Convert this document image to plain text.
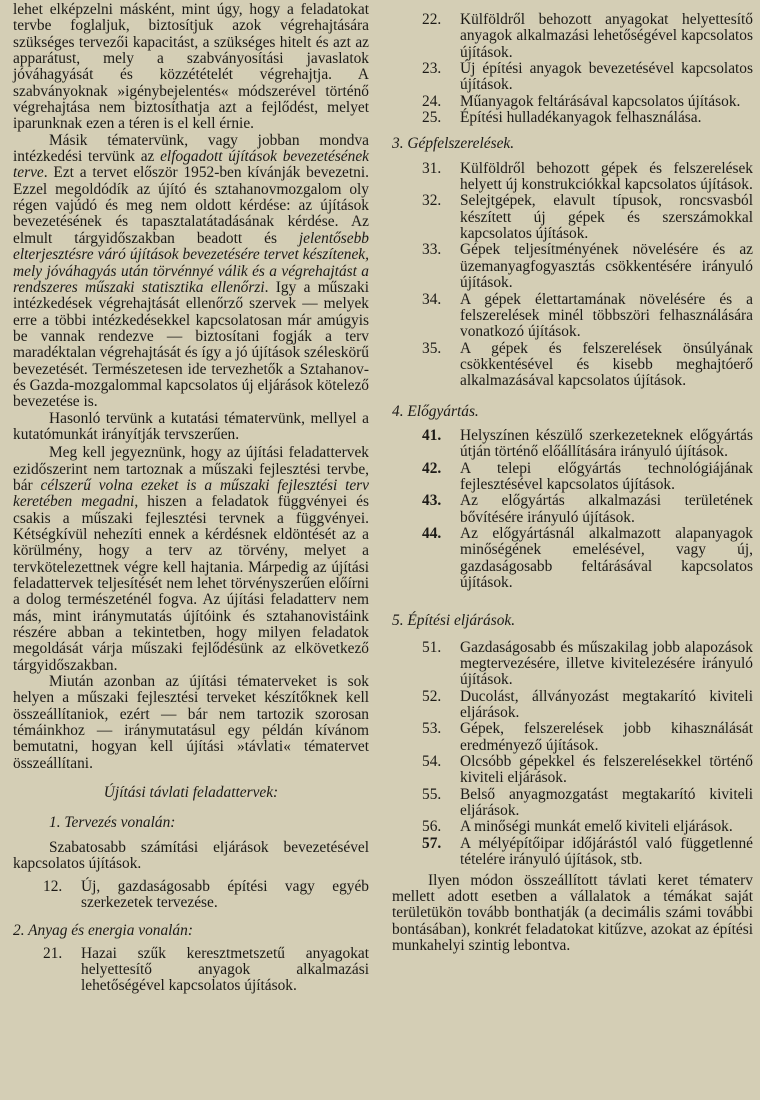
lehet elképzelni másként, mint úgy, hogy a feladatokat tervbe foglaljuk, biztosítjuk azok végrehajtására szükséges tervezői kapacitást, a szükséges hitelt és azt az apparátust, mely a szabványosítási javaslatok jóváhagyását és közzétételét végrehajtja. A szabványoknak »igénybejelentés« módszerével történő végrehajtása nem biztosíthatja azt a fejlődést, melyet iparunknak ezen a téren is el kell érnie.

Másik tématervünk, vagy jobban mondva intézkedési tervünk az elfogadott újítások bevezetésének terve. Ezt a tervet először 1952-ben kívánják bevezetni. Ezzel megoldódík az újító és sztahanovmozgalom oly régen vajúdó és meg nem oldott kérdése: az újítások bevezetésének és tapasztalatátadásának kérdése. Az elmult tárgyidőszakban beadott és jelentősebb elterjesztésre váró újítások bevezetésére tervet készítenek, mely jóváhagyás után törvénnyé válik és a végrehajtást a rendszeres műszaki statisztika ellenőrzi. Igy a műszaki intézkedések végrehajtását ellenőrző szervek — melyek erre a többi intézkedésekkel kapcsolatosan már amúgyis be vannak rendezve — biztosítani fogják a terv maradéktalan végrehajtását és így a jó újítások széleskörű bevezetését. Természetesen ide tervezhetők a Sztahanov- és Gazda-mozgalommal kapcsolatos új eljárások kötelező bevezetése is.

Hasonló tervünk a kutatási tématervünk, mellyel a kutatómunkát irányítják tervszerűen.

Meg kell jegyeznünk, hogy az újítási feladattervek ezidőszerint nem tartoznak a műszaki fejlesztési tervbe, bár célszerű volna ezeket is a műszaki fejlesztési terv keretében megadni, hiszen a feladatok függvényei és csakis a műszaki fejlesztési tervnek a függvényei. Kétségkívül nehezíti ennek a kérdésnek eldöntését az a körülmény, hogy a terv az törvény, melyet a tervkötelezettnek végre kell hajtania. Márpedig az újítási feladattervek teljesítését nem lehet törvényszerűen előírni a dolog természeténél fogva. Az újítási feladatterv nem más, mint iránymutatás újítóink és sztahanovistáink részére abban a tekintetben, hogy milyen feladatok megoldását várja műszaki fejlődésünk az elkövetkező tárgyidőszakban.

Miután azonban az újítási tématerveket is sok helyen a műszaki fejlesztési terveket készítőknek kell összeállítaniok, ezért — bár nem tartozik szorosan témáinkhoz — iránymutatásul egy példán kívánom bemutatni, hogyan kell újítási »távlati« tématervet összeállítani.

Újítási távlati feladattervek:

1. Tervezés vonalán:

Szabatosabb számítási eljárások bevezetésével kapcsolatos újítások.

12.	Új, gazdaságosabb építési vagy egyéb szerkezetek tervezése.

2. Anyag és energia vonalán:

21.	Hazai szűk keresztmetszetű anyagokat helyettesítő anyagok alkalmazási lehetőségével kapcsolatos újítások.
22.	Külföldről behozott anyagokat helyettesítő anyagok alkalmazási lehetőségével kapcsolatos újítások.
23.	Új építési anyagok bevezetésével kapcsolatos újítások.
24.	Műanyagok feltárásával kapcsolatos újítások.
25.	Építési hulladékanyagok felhasználása.

3. Gépfelszerelések.

31.	Külföldről behozott gépek és felszerelések helyett új konstrukciókkal kapcsolatos újítások.
32.	Selejtgépek, elavult típusok, roncsvasból készített új gépek és szerszámokkal kapcsolatos újítások.
33.	Gépek teljesítményének növelésére és az üzemanyagfogyasztás csökkentésére irányuló újítások.
34.	A gépek élettartamának növelésére és a felszerelések minél többszöri felhasználására vonatkozó újítások.
35.	A gépek és felszerelések önsúlyának csökkentésével és kisebb meghajtóerő alkalmazásával kapcsolatos újítások.

4. Előgyártás.

41.	Helyszínen készülő szerkezeteknek előgyártás útján történő előállítására irányuló újítások.
42.	A telepi előgyártás technológiájának fejlesztésével kapcsolatos újítások.
43.	Az előgyártás alkalmazási területének bővítésére irányuló újítások.
44.	Az előgyártásnál alkalmazott alapanyagok minőségének emelésével, vagy új, gazdaságosabb feltárásával kapcsolatos újítások.

5. Építési eljárások.

51.	Gazdaságosabb és műszakilag jobb alapozások megtervezésére, illetve kivitelezésére irányuló újítások.
52.	Ducolást, állványozást megtakarító kiviteli eljárások.
53.	Gépek, felszerelések jobb kihasználását eredményező újítások.
54.	Olcsóbb gépekkel és felszerelésekkel történő kiviteli eljárások.
55.	Belső anyagmozgatást megtakarító kiviteli eljárások.
56.	A minőségi munkát emelő kiviteli eljárások.
57.	A mélyépítőipar időjárástól való függetlenné tételére irányuló újítások, stb.

Ilyen módon összeállított távlati keret tématerv mellett adott esetben a vállalatok a témákat saját területükön tovább bonthatják (a decimális számi további bontásában), konkrét feladatokat kitűzve, azokat az építési munkahelyi szintig lebontva.
